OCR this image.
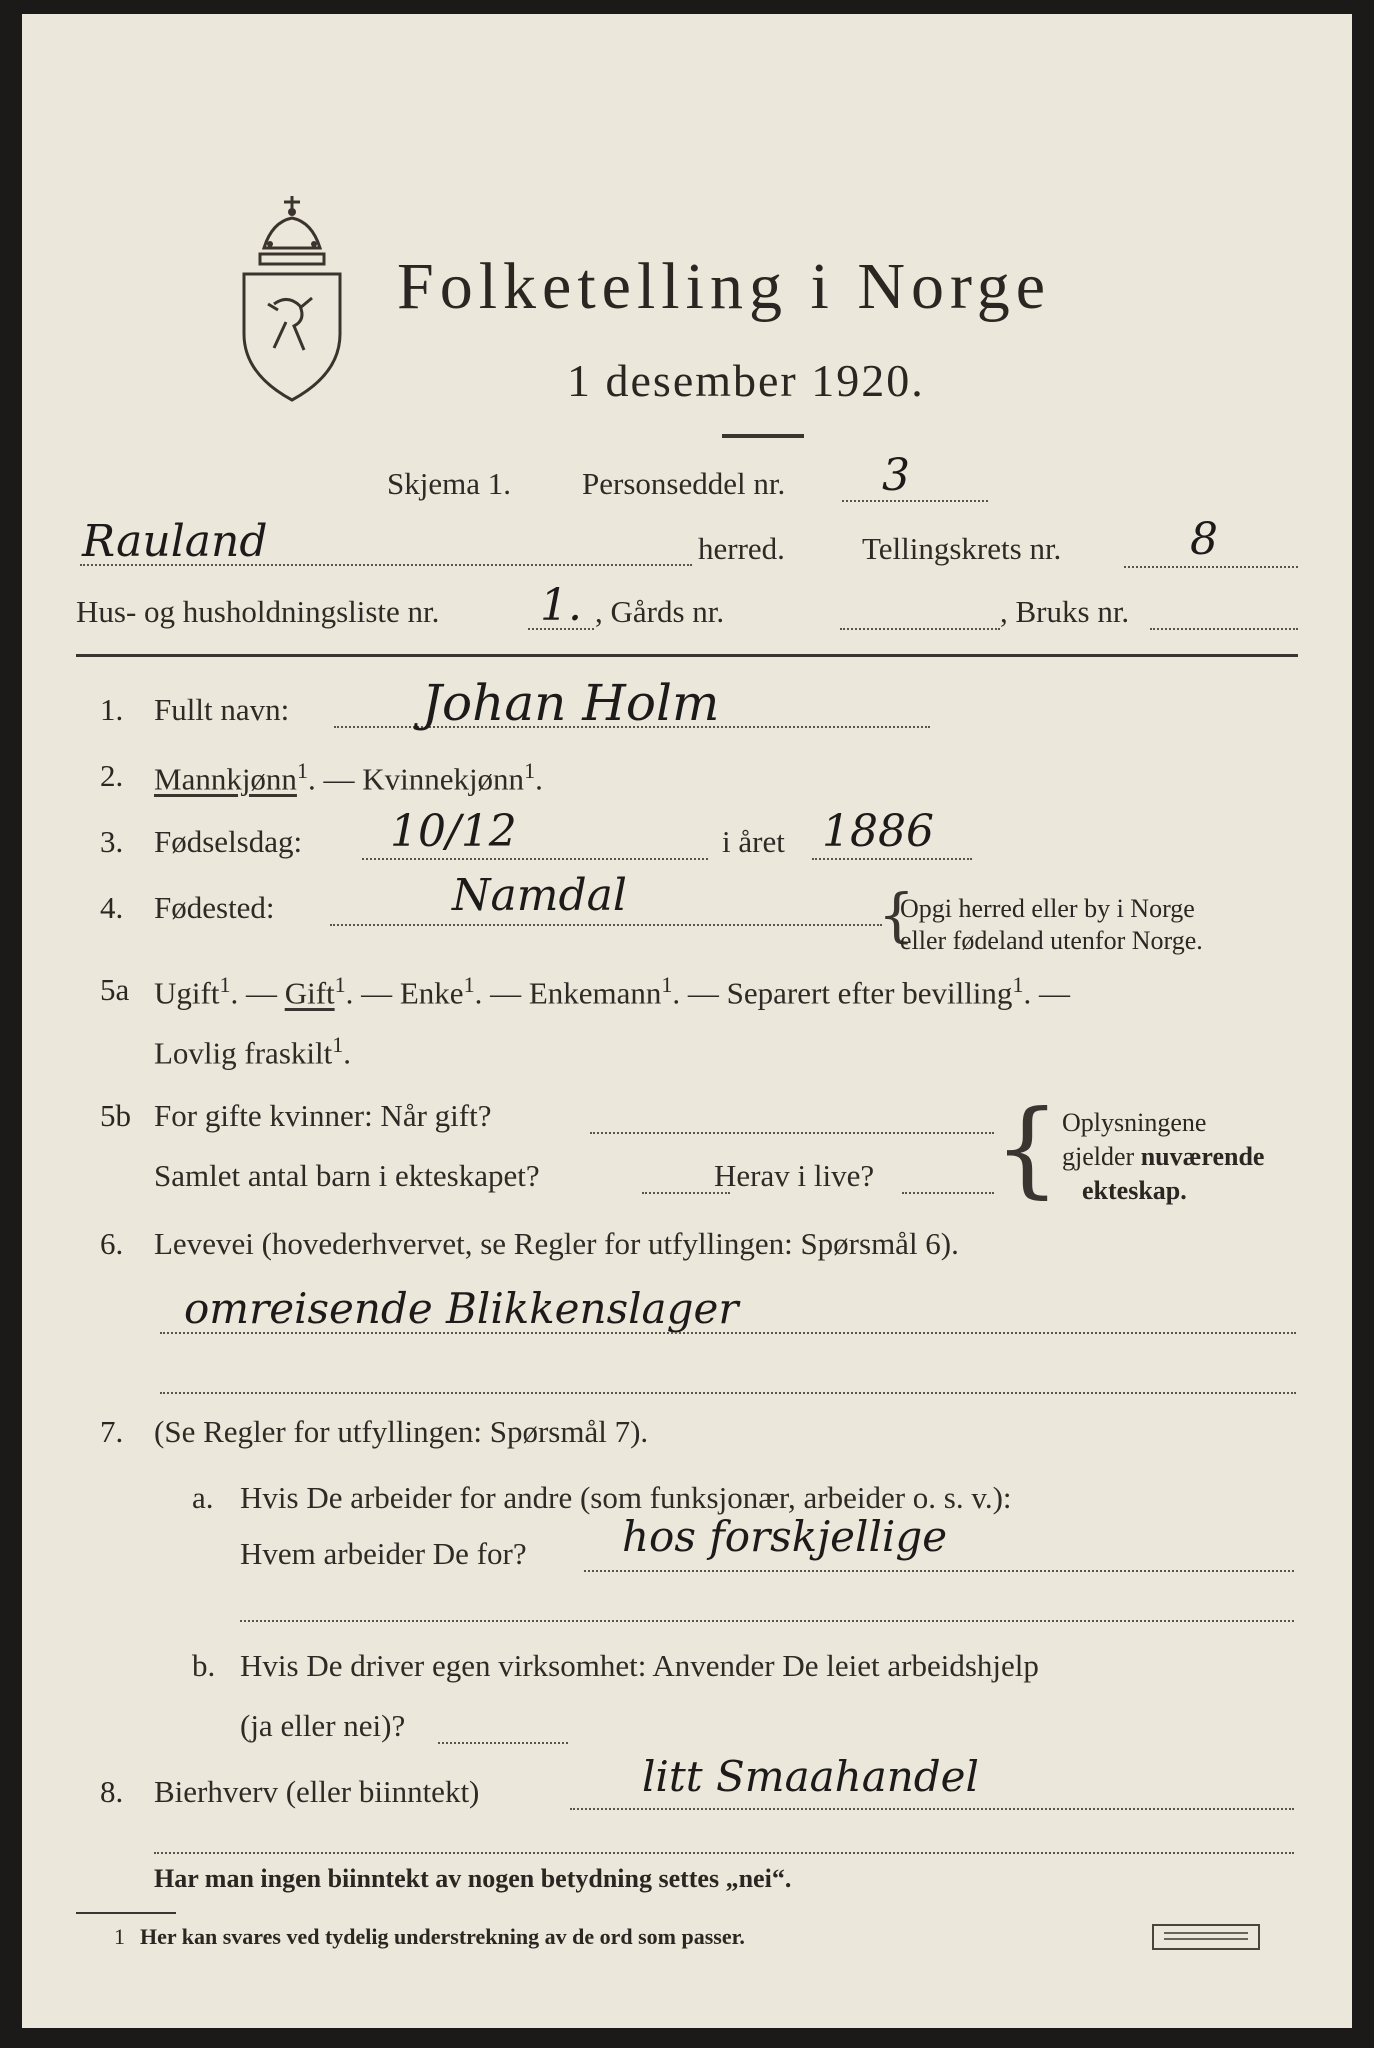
Folketelling i Norge
1 desember 1920.
Skjema 1. Personseddel nr. 3
Rauland	herred. Tellingskrets nr.	8
Hus- og husholdningsliste nr. 1. , Gårds nr.	, Bruks nr.
1. Fullt navn:	Johan Holm
2. Mannkjønn$^1$. — Kvinnekjønn$^1$.
3. Fødselsdag: 10/12	i året 1886
4. Fødested:	Namdal	{
Opgi herred eller by i Norge
eller fødeland utenfor Norge.
5a Ugift$^1$. — Gift$^1$. — Enke$^1$. — Enkemann$^1$. — Separert efter bevilling$^1$. —
Lovlig fraskilt$^1$.
5b For gifte kvinner: Når gift?
Samlet antal barn i ekteskapet?	Herav i live? { Oplysningene
gjelder nuværende
ekteskap.
6. Levevei (hovederhvervet, se Regler for utfyllingen: Spørsmål 6).
omreisende Blikkenslager
7. (Se Regler for utfyllingen: Spørsmål 7).
a. Hvis De arbeider for andre (som funksjonær, arbeider o. s. v.):
Hvem arbeider De for? hos forskjellige
b. Hvis De driver egen virksomhet: Anvender De leiet arbeidshjelp
(ja eller nei)?
8. Bierhverv (eller biinntekt)	litt Smaahandel
Har man ingen biinntekt av nogen betydning settes „nei“.
1 Her kan svares ved tydelig understrekning av de ord som passer.
